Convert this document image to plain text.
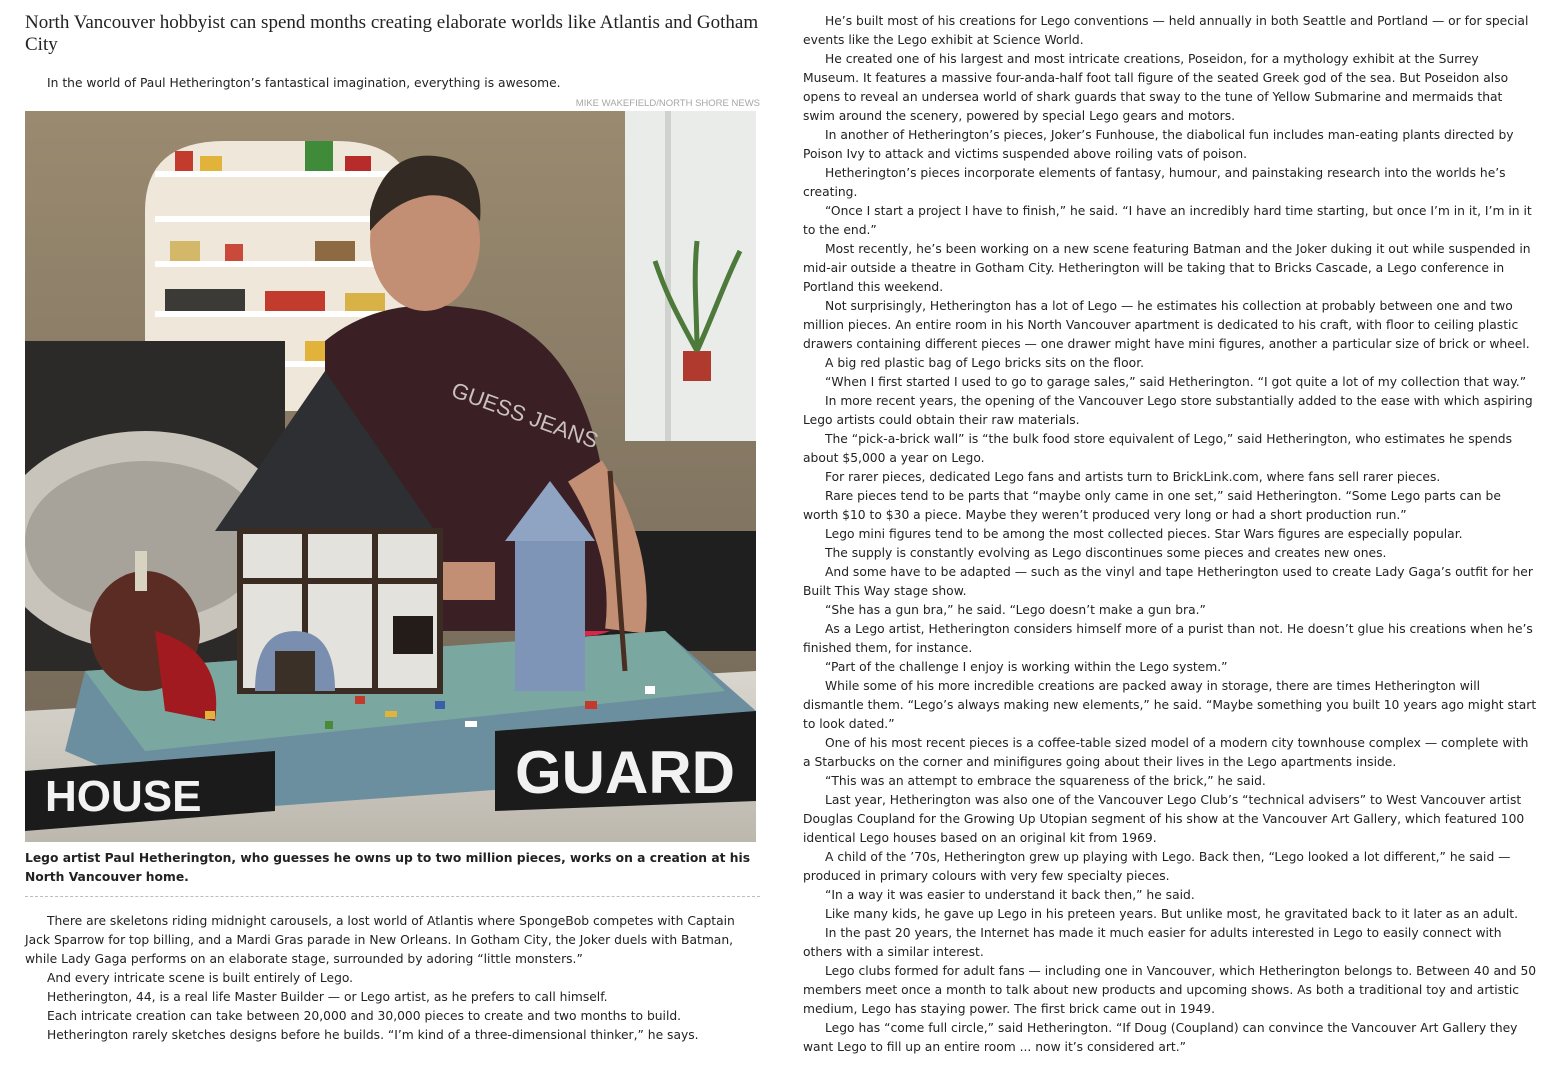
North Vancouver hobbyist can spend months creating elaborate worlds like Atlantis and Gotham City

In the world of Paul Hetherington’s fantastical imagination, everything is awesome.

MIKE WAKEFIELD/NORTH SHORE NEWS
GUESS JEANS
HOUSE	GUARD

Lego artist Paul Hetherington, who guesses he owns up to two million pieces, works on a creation at his North Vancouver home.

There are skeletons riding midnight carousels, a lost world of Atlantis where SpongeBob competes with Captain Jack Sparrow for top billing, and a Mardi Gras parade in New Orleans. In Gotham City, the Joker duels with Batman, while Lady Gaga performs on an elaborate stage, surrounded by adoring “little monsters.”

And every intricate scene is built entirely of Lego.

Hetherington, 44, is a real life Master Builder — or Lego artist, as he prefers to call himself.

Each intricate creation can take between 20,000 and 30,000 pieces to create and two months to build.

Hetherington rarely sketches designs before he builds. “I’m kind of a three-dimensional thinker,” he says.

He’s built most of his creations for Lego conventions — held annually in both Seattle and Portland — or for special events like the Lego exhibit at Science World.

He created one of his largest and most intricate creations, Poseidon, for a mythology exhibit at the Surrey Museum. It features a massive four-anda-half foot tall figure of the seated Greek god of the sea. But Poseidon also opens to reveal an undersea world of shark guards that sway to the tune of Yellow Submarine and mermaids that swim around the scenery, powered by special Lego gears and motors.

In another of Hetherington’s pieces, Joker’s Funhouse, the diabolical fun includes man-eating plants directed by Poison Ivy to attack and victims suspended above roiling vats of poison.

Hetherington’s pieces incorporate elements of fantasy, humour, and painstaking research into the worlds he’s creating.

“Once I start a project I have to finish,” he said. “I have an incredibly hard time starting, but once I’m in it, I’m in it to the end.”

Most recently, he’s been working on a new scene featuring Batman and the Joker duking it out while suspended in mid-air outside a theatre in Gotham City. Hetherington will be taking that to Bricks Cascade, a Lego conference in Portland this weekend.

Not surprisingly, Hetherington has a lot of Lego — he estimates his collection at probably between one and two million pieces. An entire room in his North Vancouver apartment is dedicated to his craft, with floor to ceiling plastic drawers containing different pieces — one drawer might have mini figures, another a particular size of brick or wheel.

A big red plastic bag of Lego bricks sits on the floor.

“When I first started I used to go to garage sales,” said Hetherington. “I got quite a lot of my collection that way.”

In more recent years, the opening of the Vancouver Lego store substantially added to the ease with which aspiring Lego artists could obtain their raw materials.

The “pick-a-brick wall” is “the bulk food store equivalent of Lego,” said Hetherington, who estimates he spends about $5,000 a year on Lego.

For rarer pieces, dedicated Lego fans and artists turn to BrickLink.com, where fans sell rarer pieces.

Rare pieces tend to be parts that “maybe only came in one set,” said Hetherington. “Some Lego parts can be worth $10 to $30 a piece. Maybe they weren’t produced very long or had a short production run.”

Lego mini figures tend to be among the most collected pieces. Star Wars figures are especially popular.

The supply is constantly evolving as Lego discontinues some pieces and creates new ones.

And some have to be adapted — such as the vinyl and tape Hetherington used to create Lady Gaga’s outfit for her Built This Way stage show.

“She has a gun bra,” he said. “Lego doesn’t make a gun bra.”

As a Lego artist, Hetherington considers himself more of a purist than not. He doesn’t glue his creations when he’s finished them, for instance.

“Part of the challenge I enjoy is working within the Lego system.”

While some of his more incredible creations are packed away in storage, there are times Hetherington will dismantle them. “Lego’s always making new elements,” he said. “Maybe something you built 10 years ago might start to look dated.”

One of his most recent pieces is a coffee-table sized model of a modern city townhouse complex — complete with a Starbucks on the corner and minifigures going about their lives in the Lego apartments inside.

“This was an attempt to embrace the squareness of the brick,” he said.

Last year, Hetherington was also one of the Vancouver Lego Club’s “technical advisers” to West Vancouver artist Douglas Coupland for the Growing Up Utopian segment of his show at the Vancouver Art Gallery, which featured 100 identical Lego houses based on an original kit from 1969.

A child of the ’70s, Hetherington grew up playing with Lego. Back then, “Lego looked a lot different,” he said — produced in primary colours with very few specialty pieces.

“In a way it was easier to understand it back then,” he said.

Like many kids, he gave up Lego in his preteen years. But unlike most, he gravitated back to it later as an adult.

In the past 20 years, the Internet has made it much easier for adults interested in Lego to easily connect with others with a similar interest.

Lego clubs formed for adult fans — including one in Vancouver, which Hetherington belongs to. Between 40 and 50 members meet once a month to talk about new products and upcoming shows. As both a traditional toy and artistic medium, Lego has staying power. The first brick came out in 1949.

Lego has “come full circle,” said Hetherington. “If Doug (Coupland) can convince the Vancouver Art Gallery they want Lego to fill up an entire room ... now it’s considered art.”
